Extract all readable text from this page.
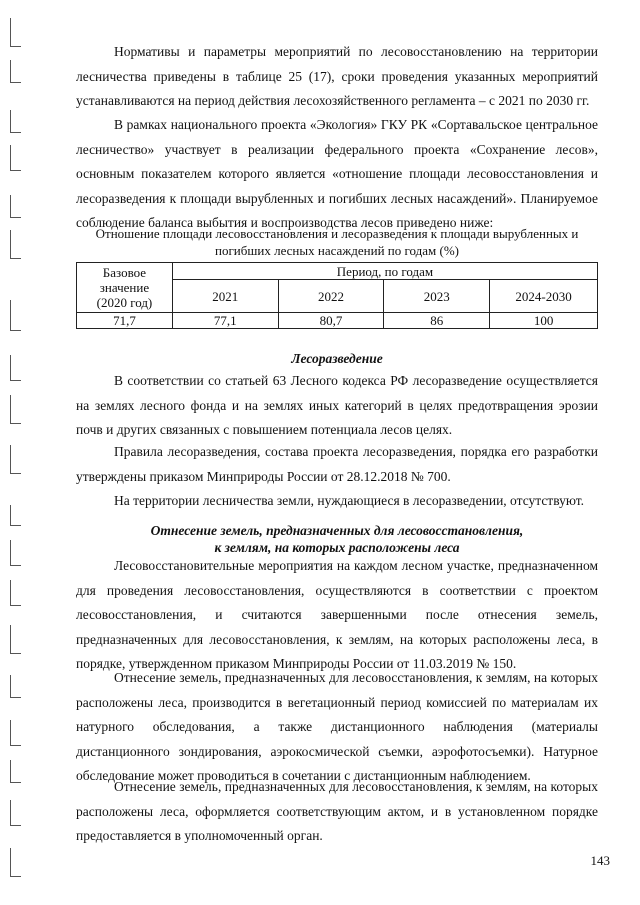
Нормативы и параметры мероприятий по лесовосстановлению на территории лесничества приведены в таблице 25 (17), сроки проведения указанных мероприятий устанавливаются на период действия лесохозяйственного регламента – с 2021 по 2030 гг.

В рамках национального проекта «Экология» ГКУ РК «Сортавальское центральное лесничество» участвует в реализации федерального проекта «Сохранение лесов», основным показателем которого является «отношение площади лесовосстановления и лесоразведения к площади вырубленных и погибших лесных насаждений». Планируемое соблюдение баланса выбытия и воспроизводства лесов приведено ниже:

Отношение площади лесовосстановления и лесоразведения к площади вырубленных и
погибших лесных насаждений по годам (%)
Базовое
значение
(2020 год)	Период, по годам			
	2021	2022	2023	2024-2030
71,7	77,1	80,7	86	100
Лесоразведение

В соответствии со статьей 63 Лесного кодекса РФ лесоразведение осуществляется на землях лесного фонда и на землях иных категорий в целях предотвращения эрозии почв и других связанных с повышением потенциала лесов целях.

Правила лесоразведения, состава проекта лесоразведения, порядка его разработки утверждены приказом Минприроды России от 28.12.2018 № 700.

На территории лесничества земли, нуждающиеся в лесоразведении, отсутствуют.

Отнесение земель, предназначенных для лесовосстановления,
к землям, на которых расположены леса

Лесовосстановительные мероприятия на каждом лесном участке, предназначенном для проведения лесовосстановления, осуществляются в соответствии с проектом лесовосстановления, и считаются завершенными после отнесения земель, предназначенных для лесовосстановления, к землям, на которых расположены леса, в порядке, утвержденном приказом Минприроды России от 11.03.2019 № 150.

Отнесение земель, предназначенных для лесовосстановления, к землям, на которых расположены леса, производится в вегетационный период комиссией по материалам их натурного обследования, а также дистанционного наблюдения (материалы дистанционного зондирования, аэрокосмической съемки, аэрофотосъемки). Натурное обследование может проводиться в сочетании с дистанционным наблюдением.

Отнесение земель, предназначенных для лесовосстановления, к землям, на которых расположены леса, оформляется соответствующим актом, и в установленном порядке предоставляется в уполномоченный орган.

143
